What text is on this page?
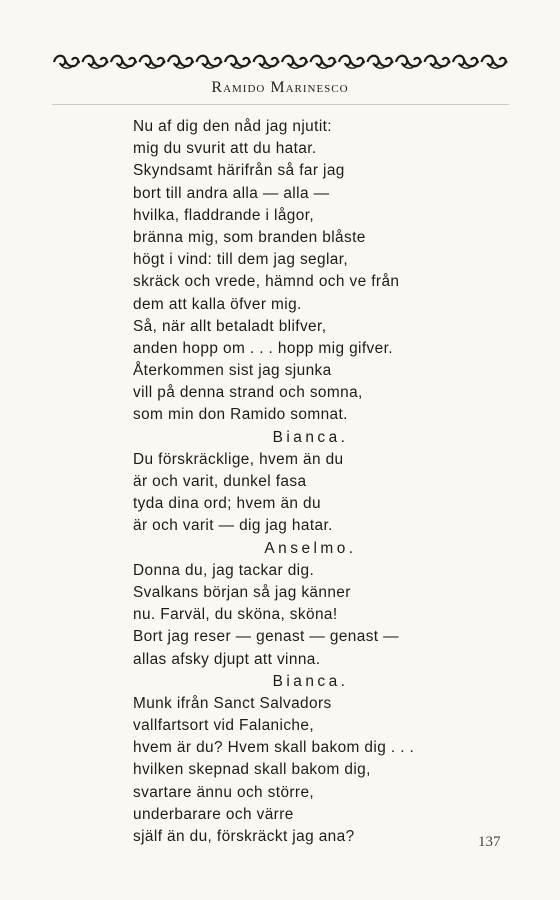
Ramido Marinesco
Nu af dig den nåd jag njutit:
mig du svurit att du hatar.
Skyndsamt härifrån så far jag
bort till andra alla — alla —
hvilka, fladdrande i lågor,
bränna mig, som branden blåste
högt i vind: till dem jag seglar,
skräck och vrede, hämnd och ve från
dem att kalla öfver mig.
Så, när allt betaladt blifver,
anden hopp om . . . hopp mig gifver.
Återkommen sist jag sjunka
vill på denna strand och somna,
som min don Ramido somnat.
Bianca.
Du förskräcklige, hvem än du
är och varit, dunkel fasa
tyda dina ord; hvem än du
är och varit — dig jag hatar.
Anselmo.
Donna du, jag tackar dig.
Svalkans början så jag känner
nu. Farväl, du sköna, sköna!
Bort jag reser — genast — genast —
allas afsky djupt att vinna.
Bianca.
Munk ifrån Sanct Salvadors
vallfartsort vid Falaniche,
hvem är du? Hvem skall bakom dig . . .
hvilken skepnad skall bakom dig,
svartare ännu och större,
underbarare och värre
själf än du, förskräckt jag ana?	137
